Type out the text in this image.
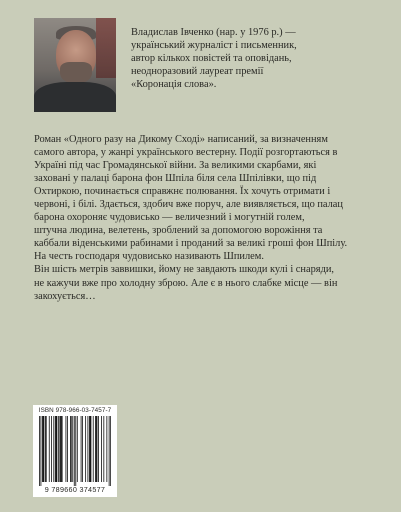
Владислав Івченко (нар. у 1976 р.) —
український журналіст і письменник,
автор кількох повістей та оповідань,
неодноразовий лауреат премії
«Коронація слова».
Роман «Одного разу на Дикому Сході» написаний, за визначенням
самого автора, у жанрі українського вестерну. Події розгортаються в
Україні під час Громадянської війни. За великими скарбами, які
заховані у палаці барона фон Шпіла біля села Шпілівки, що під
Охтиркою, починається справжнє полювання. Їх хочуть отримати і
червоні, і білі. Здається, здобич вже поруч, але виявляється, що палац
барона охороняє чудовисько — величезний і могутній голем,
штучна людина, велетень, зроблений за допомогою ворожіння та
каббали віденськими рабинами і проданий за великі гроші фон Шпілу.
На честь господаря чудовисько називають Шпилем.
Він шість метрів заввишки, йому не завдають шкоди кулі і снаряди,
не кажучи вже про холодну зброю. Але є в нього слабке місце — він
закохується…
ISBN 978-966-03-7457-7
9 789660 374577
